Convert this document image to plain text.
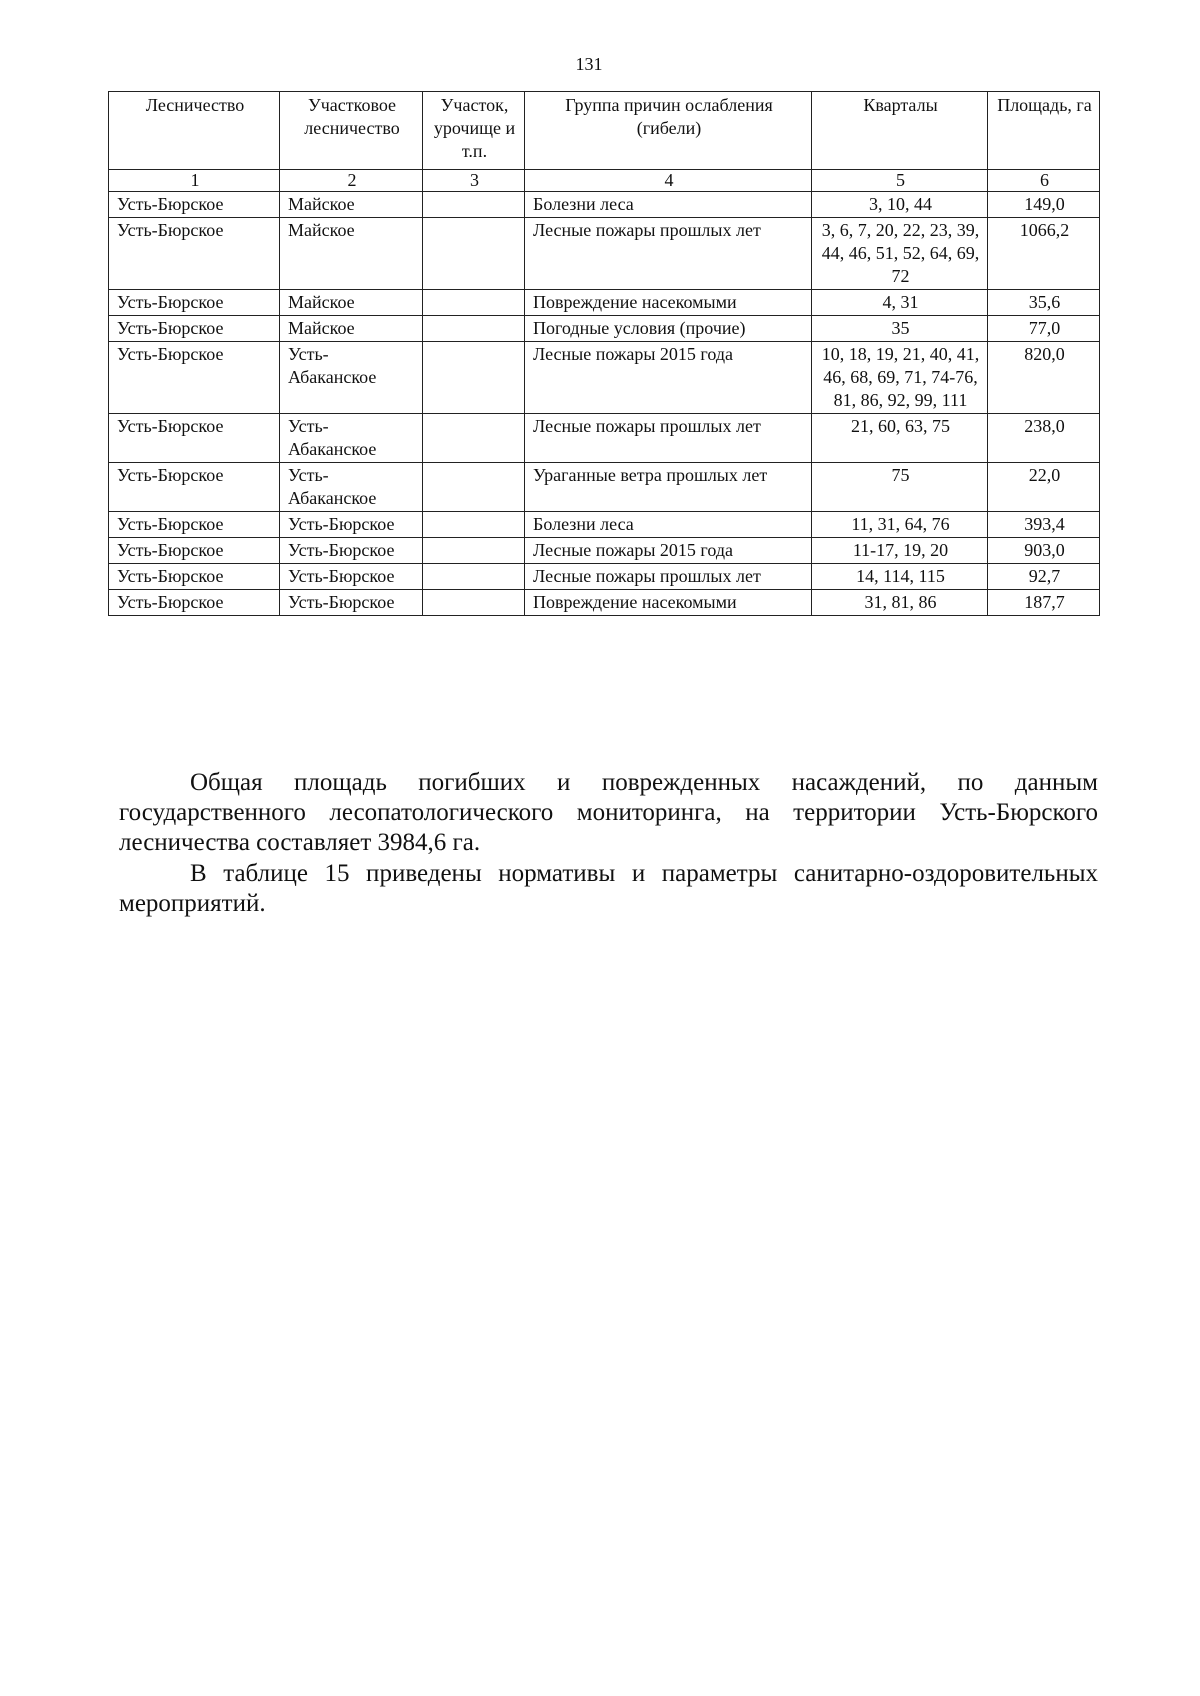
131
Лесничество	Участковое лесничество	Участок, урочище и т.п.	Группа причин ослабления (гибели)	Кварталы	Площадь, га
1	2	3	4	5	6
Усть-Бюрское	Майское		Болезни леса	3, 10, 44	149,0
Усть-Бюрское	Майское		Лесные пожары прошлых лет	3, 6, 7, 20, 22, 23, 39, 44, 46, 51, 52, 64, 69, 72	1066,2
Усть-Бюрское	Майское		Повреждение насекомыми	4, 31	35,6
Усть-Бюрское	Майское		Погодные условия (прочие)	35	77,0
Усть-Бюрское	Усть-Абаканское		Лесные пожары 2015 года	10, 18, 19, 21, 40, 41, 46, 68, 69, 71, 74-76, 81, 86, 92, 99, 111	820,0
Усть-Бюрское	Усть-Абаканское		Лесные пожары прошлых лет	21, 60, 63, 75	238,0
Усть-Бюрское	Усть-Абаканское		Ураганные ветра прошлых лет	75	22,0
Усть-Бюрское	Усть-Бюрское		Болезни леса	11, 31, 64, 76	393,4
Усть-Бюрское	Усть-Бюрское		Лесные пожары 2015 года	11-17, 19, 20	903,0
Усть-Бюрское	Усть-Бюрское		Лесные пожары прошлых лет	14, 114, 115	92,7
Усть-Бюрское	Усть-Бюрское		Повреждение насекомыми	31, 81, 86	187,7

Общая площадь погибших и поврежденных насаждений, по данным государственного лесопатологического мониторинга, на территории Усть-Бюрского лесничества составляет 3984,6 га.

В таблице 15 приведены нормативы и параметры санитарно-оздоровительных мероприятий.
